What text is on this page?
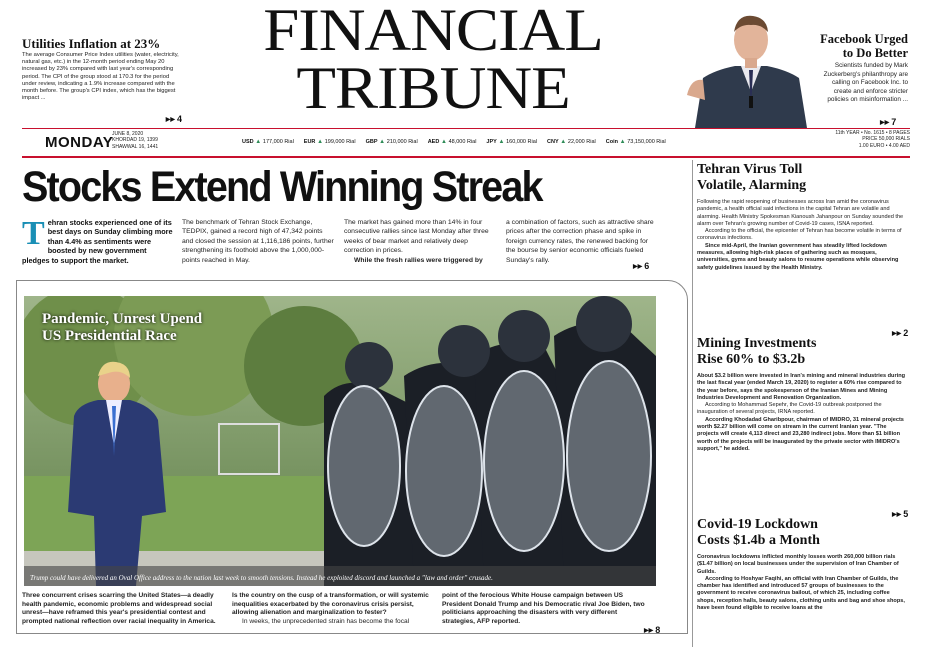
Utilities Inflation at 23%
The average Consumer Price Index utilities (water, electricity, natural gas, etc.) in the 12-month period ending May 20 increased by 23% compared with last year's corresponding period. The CPI of the group stood at 170.3 for the period under review, indicating a 1.9% increase compared with the month before. The group's CPI index, which has the biggest impact ...
▶▶ 4
FINANCIAL
TRIBUNE
Facebook Urged
to Do Better
Scientists funded by Mark Zuckerberg's philanthropy are calling on Facebook Inc. to create and enforce stricter policies on misinformation ...
▶▶ 7
MONDAY
JUNE 8, 2020
KHORDAD 19, 1399
SHAWWAL 16, 1441
USD ▲ 177,000 Rial EUR ▲ 199,000 Rial GBP ▲ 210,000 Rial AED ▲ 48,000 Rial JPY ▲ 160,000 Rial CNY ▲ 22,000 Rial Coin ▲ 73,150,000 Rial
11th YEAR • No. 1615 • 8 PAGES
PRICE 50,000 RIALS
1.00 EURO • 4.00 AED
Stocks Extend Winning Streak
Tehran stocks experienced one of its best days on Sunday climbing more than 4.4% as sentiments were boosted by new government pledges to support the market.
The benchmark of Tehran Stock Exchange, TEDPIX, gained a record high of 47,342 points and closed the session at 1,116,186 points, further strengthening its foothold above the 1,000,000-points reached in May.
The market has gained more than 14% in four consecutive rallies since last Monday after three weeks of bear market and relatively deep correction in prices.
While the fresh rallies were triggered by
a combination of factors, such as attractive share prices after the correction phase and spike in foreign currency rates, the renewed backing for the bourse by senior economic officials fueled Sunday's rally.
▶▶ 6
Pandemic, Unrest Upend
US Presidential Race
Trump could have delivered an Oval Office address to the nation last week to smooth tensions. Instead he exploited discord and launched a "law and order" crusade.
Three concurrent crises scarring the United States—a deadly health pandemic, economic problems and widespread social unrest—have reframed this year's presidential contest and prompted national reflection over racial inequality in America.
Is the country on the cusp of a transformation, or will systemic inequalities exacerbated by the coronavirus crisis persist, allowing alienation and marginalization to fester?
In weeks, the unprecedented strain has become the focal
point of the ferocious White House campaign between US President Donald Trump and his Democratic rival Joe Biden, two politicians approaching the disasters with very different strategies, AFP reported.
▶▶ 8
Tehran Virus Toll
Volatile, Alarming
Following the rapid reopening of businesses across Iran amid the coronavirus pandemic, a health official said infections in the capital Tehran are volatile and alarming. Health Ministry Spokesman Kianoush Jahanpour on Sunday sounded the alarm over Tehran's growing number of Covid-19 cases, ISNA reported.
According to the official, the epicenter of Tehran has become volatile in terms of coronavirus infections.
Since mid-April, the Iranian government has steadily lifted lockdown measures, allowing high-risk places of gathering such as mosques, universities, gyms and beauty salons to resume operations while observing safety guidelines issued by the Health Ministry.
▶▶ 2
Mining Investments
Rise 60% to $3.2b
About $3.2 billion were invested in Iran's mining and mineral industries during the last fiscal year (ended March 19, 2020) to register a 60% rise compared to the year before, says the spokesperson of the Iranian Mines and Mining Industries Development and Renovation Organization.
According to Mohammad Sepehr, the Covid-19 outbreak postponed the inauguration of several projects, IRNA reported.
According Khodadad Gharibpour, chairman of IMIDRO, 31 mineral projects worth $2.27 billion will come on stream in the current Iranian year. "The projects will create 4,113 direct and 23,280 indirect jobs. More than $1 billion worth of the projects will be inaugurated by the private sector with IMIDRO's support," he added.
▶▶ 5
Covid-19 Lockdown
Costs $1.4b a Month
Coronavirus lockdowns inflicted monthly losses worth 260,000 billion rials ($1.47 billion) on local businesses under the supervision of Iran Chamber of Guilds.
According to Hoshyar Faqihi, an official with Iran Chamber of Guilds, the chamber has identified and introduced 57 groups of businesses to the government to receive coronavirus bailout, of which 25, including coffee shops, reception halls, beauty salons, clothing units and bag and shoe shops, have been found eligible to receive loans at the
